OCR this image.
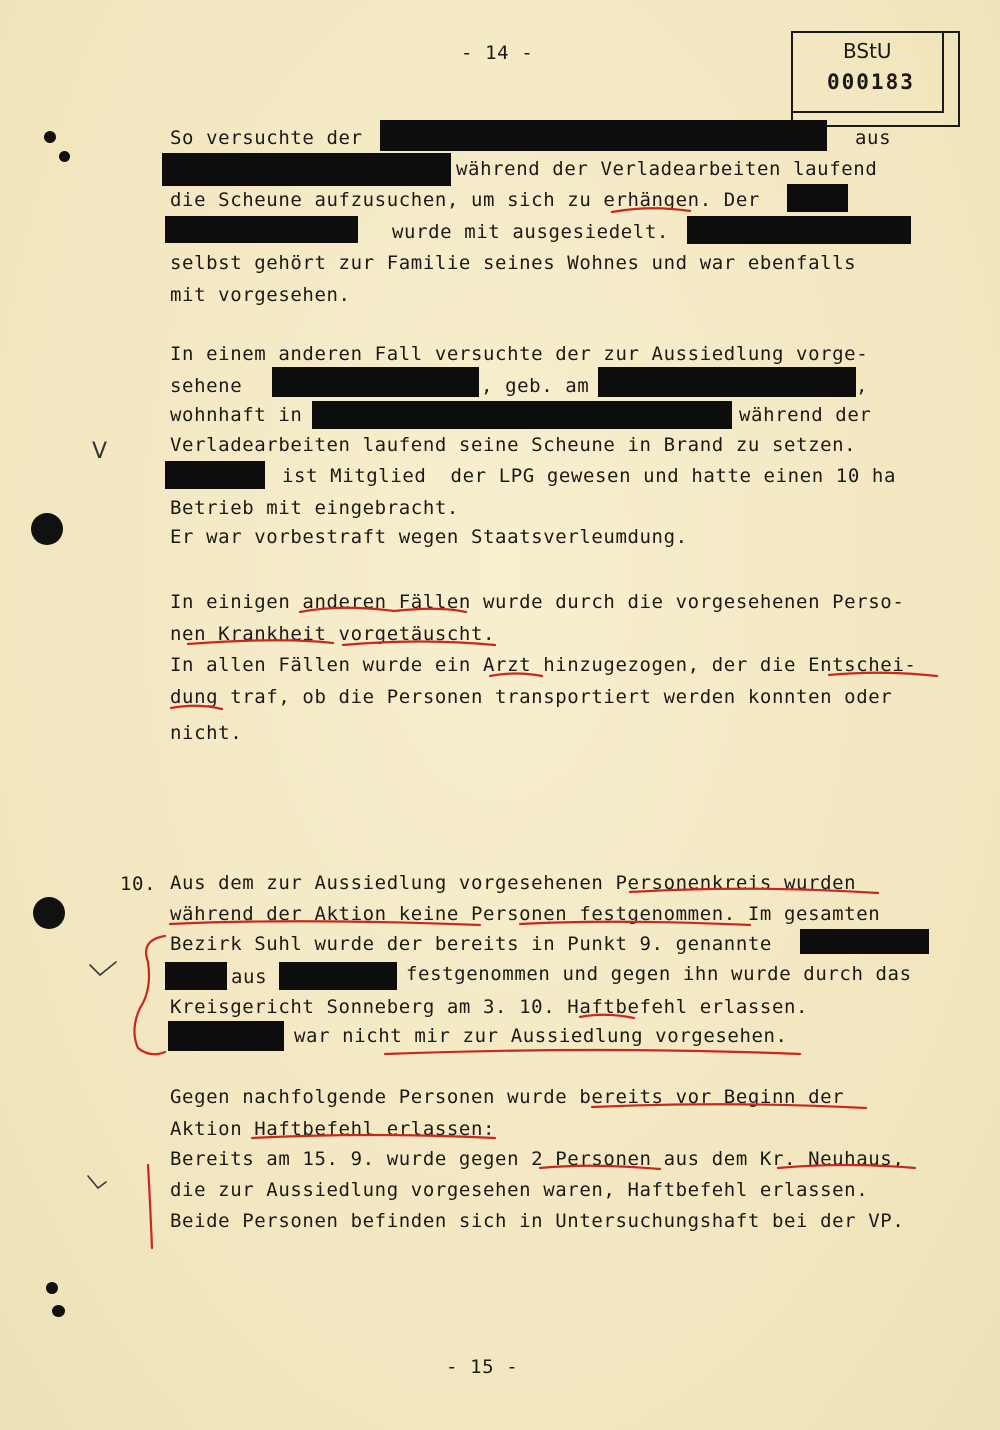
BStU
000183
- 14 -
So versuchte der	aus
während der Verladearbeiten laufend
die Scheune aufzusuchen, um sich zu erhängen. Der
wurde mit ausgesiedelt.
selbst gehört zur Familie seines Wohnes und war ebenfalls
mit vorgesehen.
In einem anderen Fall versuchte der zur Aussiedlung vorge-
sehene	, geb. am	,
wohnhaft in	während der
Verladearbeiten laufend seine Scheune in Brand zu setzen.
ist Mitglied  der LPG gewesen und hatte einen 10 ha
Betrieb mit eingebracht.
Er war vorbestraft wegen Staatsverleumdung.
In einigen anderen Fällen wurde durch die vorgesehenen Perso-
nen Krankheit vorgetäuscht.
In allen Fällen wurde ein Arzt hinzugezogen, der die Entschei-
dung traf, ob die Personen transportiert werden konnten oder
nicht.
10. Aus dem zur Aussiedlung vorgesehenen Personenkreis wurden
während der Aktion keine Personen festgenommen. Im gesamten
Bezirk Suhl wurde der bereits in Punkt 9. genannte
aus	festgenommen und gegen ihn wurde durch das
Kreisgericht Sonneberg am 3. 10. Haftbefehl erlassen.
war nicht mir zur Aussiedlung vorgesehen.
Gegen nachfolgende Personen wurde bereits vor Beginn der
Aktion Haftbefehl erlassen:
Bereits am 15. 9. wurde gegen 2 Personen aus dem Kr. Neuhaus,
die zur Aussiedlung vorgesehen waren, Haftbefehl erlassen.
Beide Personen befinden sich in Untersuchungshaft bei der VP.
- 15 -
V
